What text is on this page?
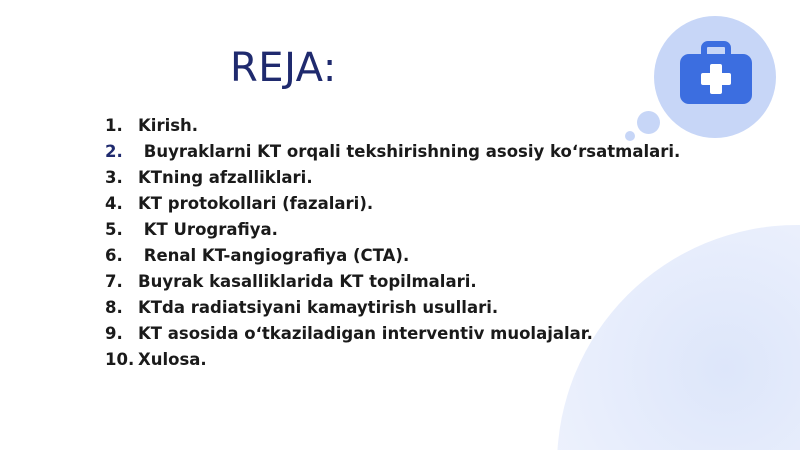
REJA:
1. Kirish.
2. Buyraklarni KT orqali tekshirishning asosiy koʻrsatmalari.
3. KTning afzalliklari.
4. KT protokollari (fazalari).
5. KT Urografiya.
6. Renal KT-angiografiya (CTA).
7. Buyrak kasalliklarida KT topilmalari.
8. KTda radiatsiyani kamaytirish usullari.
9. KT asosida oʻtkaziladigan interventiv muolajalar.
10. Xulosa.
